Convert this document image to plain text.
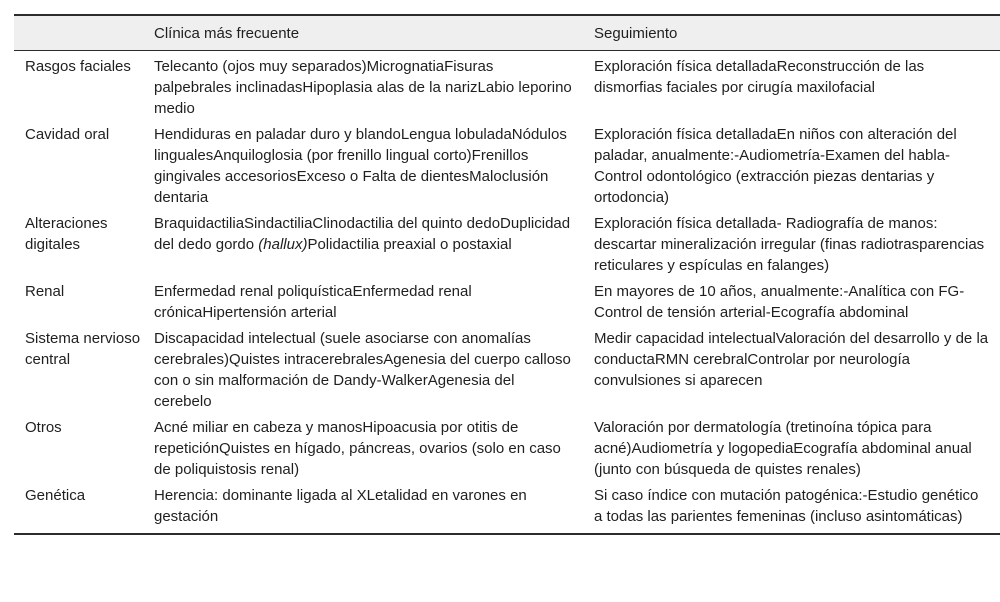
	Clínica más frecuente	Seguimiento
Rasgos faciales	Telecanto (ojos muy separados)MicrognatiaFisuras palpebrales inclinadasHipoplasia alas de la narizLabio leporino medio	Exploración física detalladaReconstrucción de las dismorfias faciales por cirugía maxilofacial
Cavidad oral	Hendiduras en paladar duro y blandoLengua lobuladaNódulos lingualesAnquiloglosia (por frenillo lingual corto)Frenillos gingivales accesoriosExceso o Falta de dientesMaloclusión dentaria	Exploración física detalladaEn niños con alteración del paladar, anualmente:-Audiometría-Examen del habla-Control odontológico (extracción piezas dentarias y ortodoncia)
Alteraciones digitales	BraquidactiliaSindactiliaClinodactilia del quinto dedoDuplicidad del dedo gordo (hallux)Polidactilia preaxial o postaxial	Exploración física detallada- Radiografía de manos: descartar mineralización irregular (finas radiotrasparencias reticulares y espículas en falanges)
Renal	Enfermedad renal poliquísticaEnfermedad renal crónicaHipertensión arterial	En mayores de 10 años, anualmente:-Analítica con FG-Control de tensión arterial-Ecografía abdominal
Sistema nervioso central	Discapacidad intelectual (suele asociarse con anomalías cerebrales)Quistes intracerebralesAgenesia del cuerpo calloso con o sin malformación de Dandy-WalkerAgenesia del cerebelo	Medir capacidad intelectualValoración del desarrollo y de la conductaRMN cerebralControlar por neurología convulsiones si aparecen
Otros	Acné miliar en cabeza y manosHipoacusia por otitis de repeticiónQuistes en hígado, páncreas, ovarios (solo en caso de poliquistosis renal)	Valoración por dermatología (tretinoína tópica para acné)Audiometría y logopediaEcografía abdominal anual (junto con búsqueda de quistes renales)
Genética	Herencia: dominante ligada al XLetalidad en varones en gestación	Si caso índice con mutación patogénica:-Estudio genético a todas las parientes femeninas (incluso asintomáticas)
